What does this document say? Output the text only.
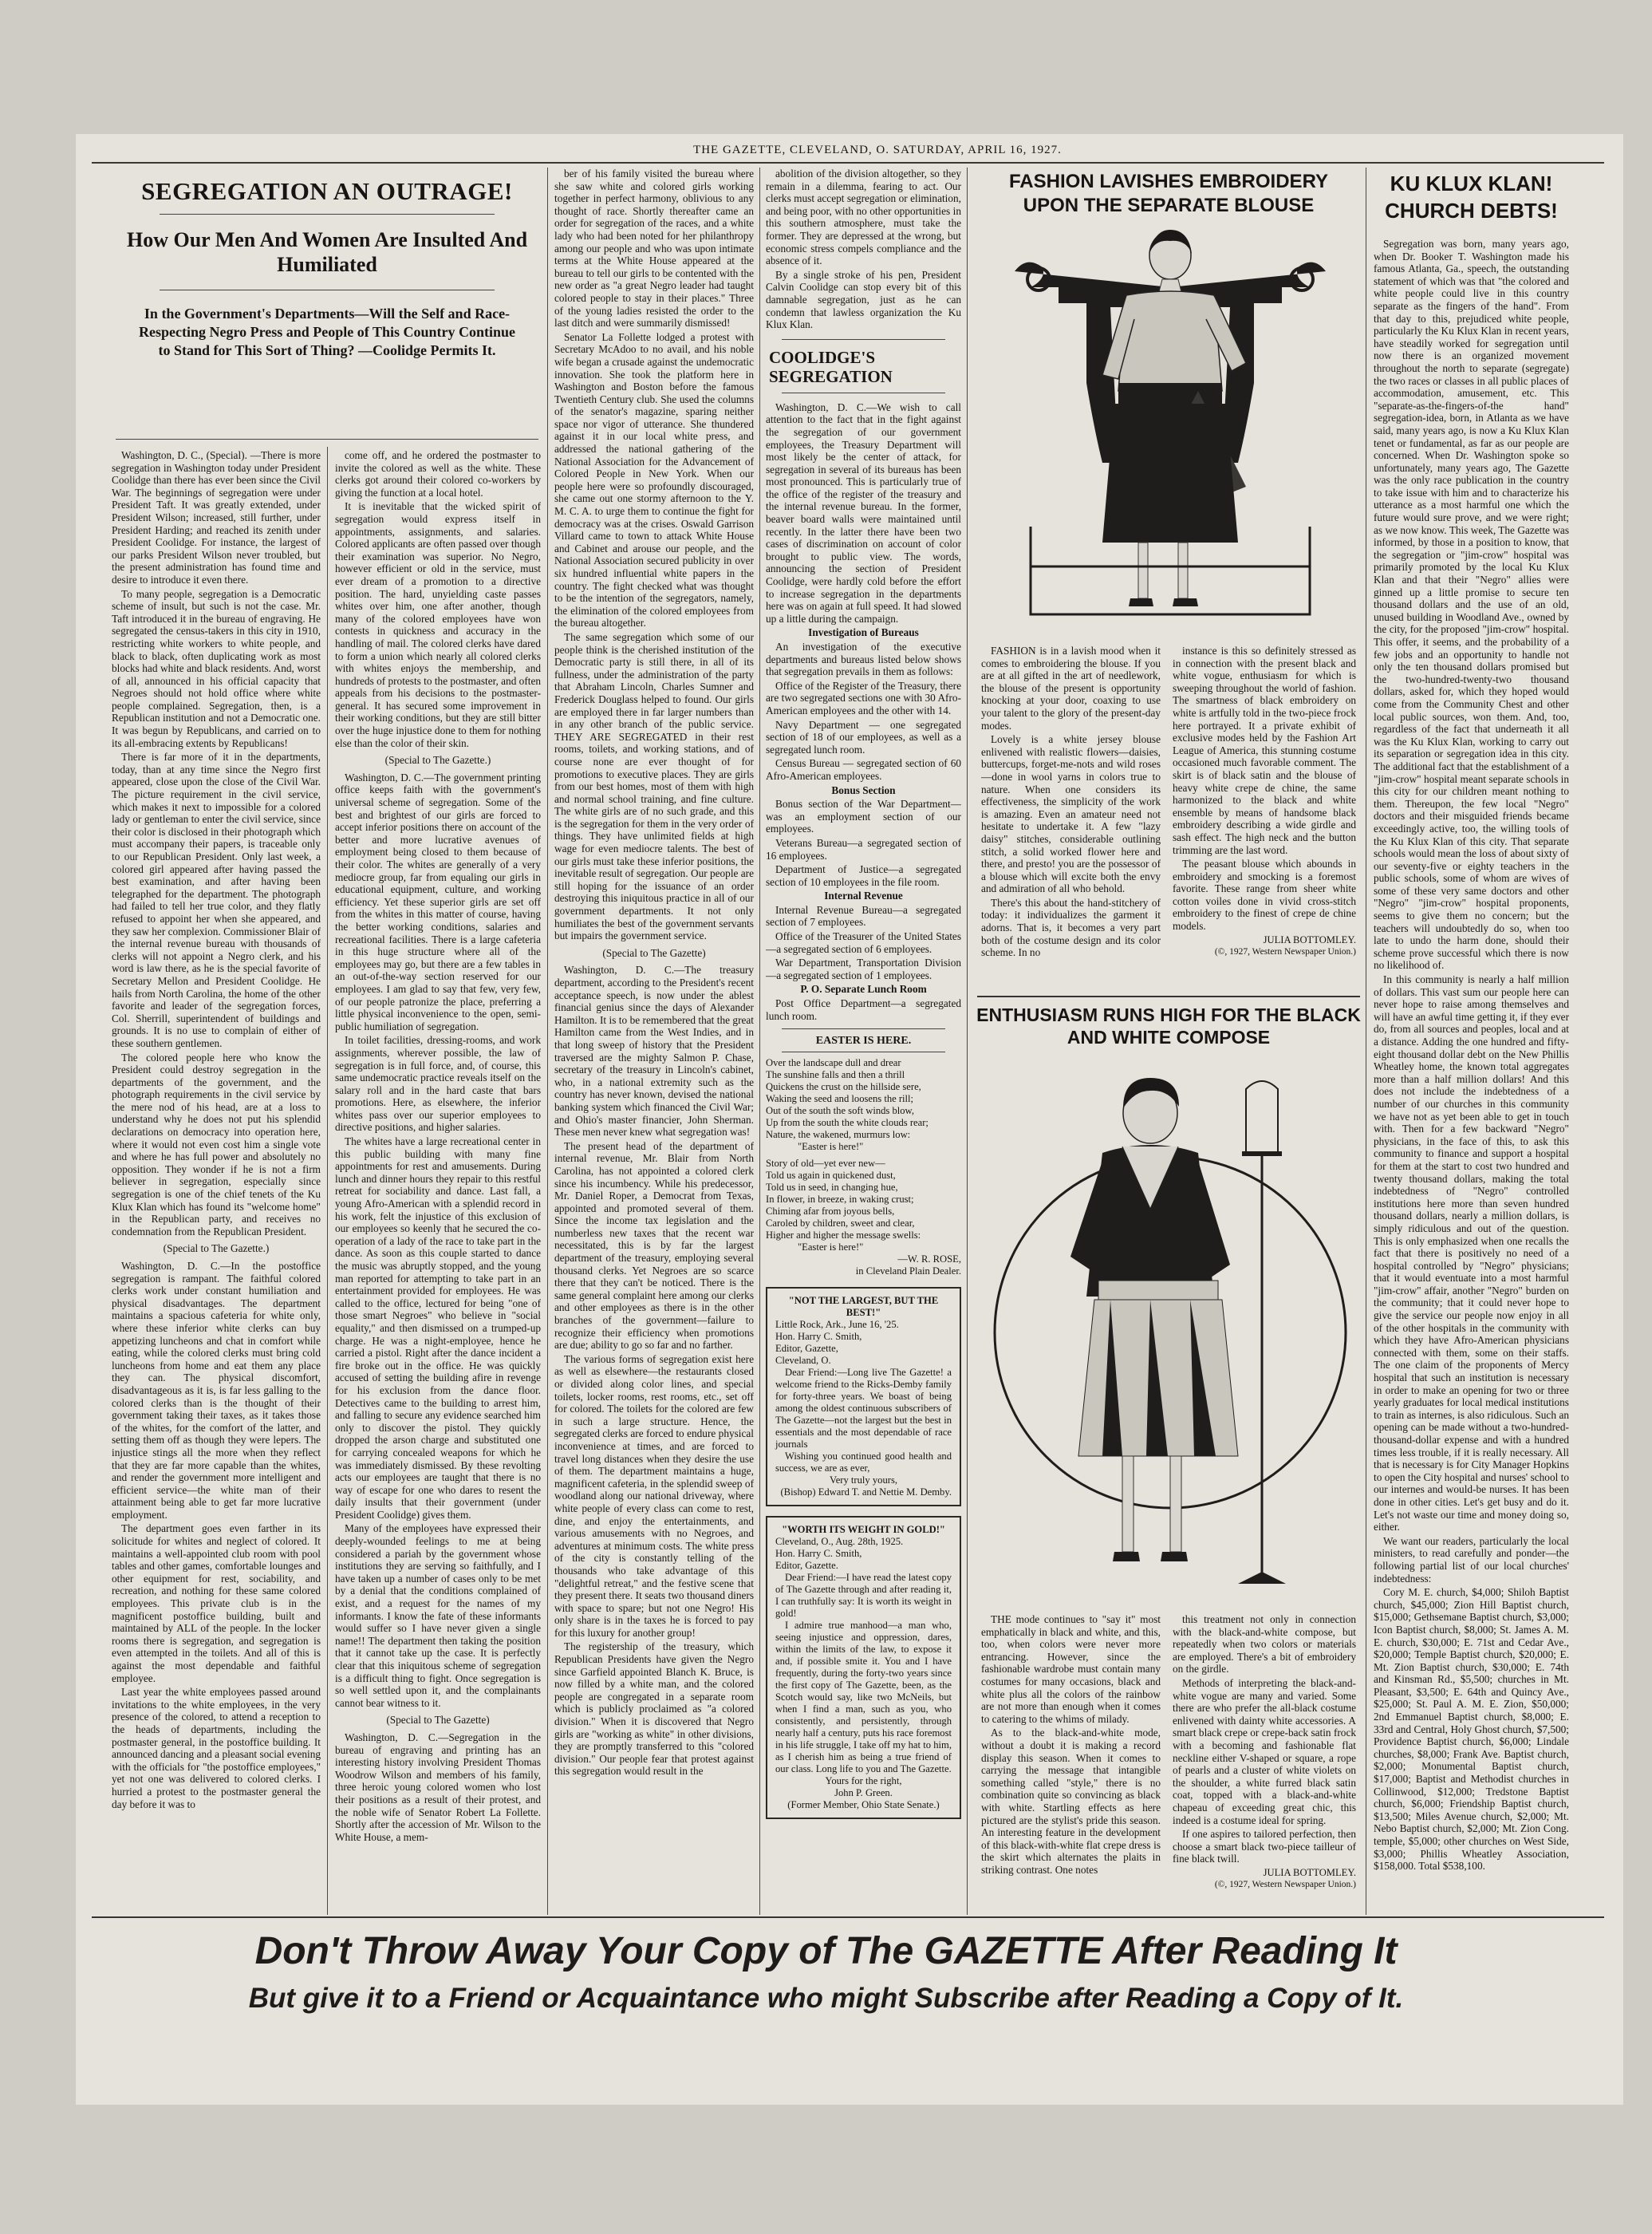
THE GAZETTE, CLEVELAND, O. SATURDAY, APRIL 16, 1927.
SEGREGATION AN OUTRAGE!
How Our Men And Women Are Insulted And Humiliated
In the Government's Departments—Will the Self and Race-Respecting Negro Press and People of This Country Continue to Stand for This Sort of Thing? —Coolidge Permits It.

Washington, D. C., (Special). —There is more segregation in Washington today under President Coolidge than there has ever been since the Civil War. The beginnings of segregation were under President Taft. It was greatly extended, under President Wilson; increased, still further, under President Harding; and reached its zenith under President Coolidge. For instance, the largest of our parks President Wilson never troubled, but the present administration has found time and desire to introduce it even there.

To many people, segregation is a Democratic scheme of insult, but such is not the case. Mr. Taft introduced it in the bureau of engraving. He segregated the census-takers in this city in 1910, restricting white workers to white people, and black to black, often duplicating work as most blocks had white and black residents. And, worst of all, announced in his official capacity that Negroes should not hold office where white people complained. Segregation, then, is a Republican institution and not a Democratic one. It was begun by Republicans, and carried on to its all-embracing extents by Republicans!

There is far more of it in the departments, today, than at any time since the Negro first appeared, close upon the close of the Civil War. The picture requirement in the civil service, which makes it next to impossible for a colored lady or gentleman to enter the civil service, since their color is disclosed in their photograph which must accompany their papers, is traceable only to our Republican President. Only last week, a colored girl appeared after having passed the best examination, and after having been telegraphed for the department. The photograph had failed to tell her true color, and they flatly refused to appoint her when she appeared, and they saw her complexion. Commissioner Blair of the internal revenue bureau with thousands of clerks will not appoint a Negro clerk, and his word is law there, as he is the special favorite of Secretary Mellon and President Coolidge. He hails from North Carolina, the home of the other favorite and leader of the segregation forces, Col. Sherrill, superintendent of buildings and grounds. It is no use to complain of either of these southern gentlemen.

The colored people here who know the President could destroy segregation in the departments of the government, and the photograph requirements in the civil service by the mere nod of his head, are at a loss to understand why he does not put his splendid declarations on democracy into operation here, where it would not even cost him a single vote and where he has full power and absolutely no opposition. They wonder if he is not a firm believer in segregation, especially since segregation is one of the chief tenets of the Ku Klux Klan which has found its "welcome home" in the Republican party, and receives no condemnation from the Republican President.

(Special to The Gazette.)

Washington, D. C.—In the postoffice segregation is rampant. The faithful colored clerks work under constant humiliation and physical disadvantages. The department maintains a spacious cafeteria for white only, where these inferior white clerks can buy appetizing luncheons and chat in comfort while eating, while the colored clerks must bring cold luncheons from home and eat them any place they can. The physical discomfort, disadvantageous as it is, is far less galling to the colored clerks than is the thought of their government taking their taxes, as it takes those of the whites, for the comfort of the latter, and setting them off as though they were lepers. The injustice stings all the more when they reflect that they are far more capable than the whites, and render the government more intelligent and efficient service—the white man of their attainment being able to get far more lucrative employment.

The department goes even farther in its solicitude for whites and neglect of colored. It maintains a well-appointed club room with pool tables and other games, comfortable lounges and other equipment for rest, sociability, and recreation, and nothing for these same colored employees. This private club is in the magnificent postoffice building, built and maintained by ALL of the people. In the locker rooms there is segregation, and segregation is even attempted in the toilets. And all of this is against the most dependable and faithful employee.

Last year the white employees passed around invitations to the white employees, in the very presence of the colored, to attend a reception to the heads of departments, including the postmaster general, in the postoffice building. It announced dancing and a pleasant social evening with the officials for "the postoffice employees," yet not one was delivered to colored clerks. I hurried a protest to the postmaster general the day before it was to

come off, and he ordered the postmaster to invite the colored as well as the white. These clerks got around their colored co-workers by giving the function at a local hotel.

It is inevitable that the wicked spirit of segregation would express itself in appointments, assignments, and salaries. Colored applicants are often passed over though their examination was superior. No Negro, however efficient or old in the service, must ever dream of a promotion to a directive position. The hard, unyielding caste passes whites over him, one after another, though many of the colored employees have won contests in quickness and accuracy in the handling of mail. The colored clerks have dared to form a union which nearly all colored clerks with whites enjoys the membership, and hundreds of protests to the postmaster, and often appeals from his decisions to the postmaster-general. It has secured some improvement in their working conditions, but they are still bitter over the huge injustice done to them for nothing else than the color of their skin.

(Special to The Gazette.)

Washington, D. C.—The government printing office keeps faith with the government's universal scheme of segregation. Some of the best and brightest of our girls are forced to accept inferior positions there on account of the better and more lucrative avenues of employment being closed to them because of their color. The whites are generally of a very mediocre group, far from equaling our girls in educational equipment, culture, and working efficiency. Yet these superior girls are set off from the whites in this matter of course, having the better working conditions, salaries and recreational facilities. There is a large cafeteria in this huge structure where all of the employees may go, but there are a few tables in an out-of-the-way section reserved for our employees. I am glad to say that few, very few, of our people patronize the place, preferring a little physical inconvenience to the open, semi-public humiliation of segregation.

In toilet facilities, dressing-rooms, and work assignments, wherever possible, the law of segregation is in full force, and, of course, this same undemocratic practice reveals itself on the salary roll and in the hard caste that bars promotions. Here, as elsewhere, the inferior whites pass over our superior employees to directive positions, and higher salaries.

The whites have a large recreational center in this public building with many fine appointments for rest and amusements. During lunch and dinner hours they repair to this restful retreat for sociability and dance. Last fall, a young Afro-American with a splendid record in his work, felt the injustice of this exclusion of our employees so keenly that he secured the co-operation of a lady of the race to take part in the dance. As soon as this couple started to dance the music was abruptly stopped, and the young man reported for attempting to take part in an entertainment provided for employees. He was called to the office, lectured for being "one of those smart Negroes" who believe in "social equality," and then dismissed on a trumped-up charge. He was a night-employee, hence he carried a pistol. Right after the dance incident a fire broke out in the office. He was quickly accused of setting the building afire in revenge for his exclusion from the dance floor. Detectives came to the building to arrest him, and falling to secure any evidence searched him only to discover the pistol. They quickly dropped the arson charge and substituted one for carrying concealed weapons for which he was immediately dismissed. By these revolting acts our employees are taught that there is no way of escape for one who dares to resent the daily insults that their government (under President Coolidge) gives them.

Many of the employees have expressed their deeply-wounded feelings to me at being considered a pariah by the government whose institutions they are serving so faithfully, and I have taken up a number of cases only to be met by a denial that the conditions complained of exist, and a request for the names of my informants. I know the fate of these informants would suffer so I have never given a single name!! The department then taking the position that it cannot take up the case. It is perfectly clear that this iniquitous scheme of segregation is a difficult thing to fight. Once segregation is so well settled upon it, and the complainants cannot bear witness to it.

(Special to The Gazette)

Washington, D. C.—Segregation in the bureau of engraving and printing has an interesting history involving President Thomas Woodrow Wilson and members of his family, three heroic young colored women who lost their positions as a result of their protest, and the noble wife of Senator Robert La Follette. Shortly after the accession of Mr. Wilson to the White House, a mem-

ber of his family visited the bureau where she saw white and colored girls working together in perfect harmony, oblivious to any thought of race. Shortly thereafter came an order for segregation of the races, and a white lady who had been noted for her philanthropy among our people and who was upon intimate terms at the White House appeared at the bureau to tell our girls to be contented with the new order as "a great Negro leader had taught colored people to stay in their places." Three of the young ladies resisted the order to the last ditch and were summarily dismissed!

Senator La Follette lodged a protest with Secretary McAdoo to no avail, and his noble wife began a crusade against the undemocratic innovation. She took the platform here in Washington and Boston before the famous Twentieth Century club. She used the columns of the senator's magazine, sparing neither space nor vigor of utterance. She thundered against it in our local white press, and addressed the national gathering of the National Association for the Advancement of Colored People in New York. When our people here were so profoundly discouraged, she came out one stormy afternoon to the Y. M. C. A. to urge them to continue the fight for democracy was at the crises. Oswald Garrison Villard came to town to attack White House and Cabinet and arouse our people, and the National Association secured publicity in over six hundred influential white papers in the country. The fight checked what was thought to be the intention of the segregators, namely, the elimination of the colored employees from the bureau altogether.

The same segregation which some of our people think is the cherished institution of the Democratic party is still there, in all of its fullness, under the administration of the party that Abraham Lincoln, Charles Sumner and Frederick Douglass helped to found. Our girls are employed there in far larger numbers than in any other branch of the public service. THEY ARE SEGREGATED in their rest rooms, toilets, and working stations, and of course none are ever thought of for promotions to executive places. They are girls from our best homes, most of them with high and normal school training, and fine culture. The white girls are of no such grade, and this is the segregation for them in the very order of things. They have unlimited fields at high wage for even mediocre talents. The best of our girls must take these inferior positions, the inevitable result of segregation. Our people are still hoping for the issuance of an order destroying this iniquitous practice in all of our government departments. It not only humiliates the best of the government servants but impairs the government service.

(Special to The Gazette)

Washington, D. C.—The treasury department, according to the President's recent acceptance speech, is now under the ablest financial genius since the days of Alexander Hamilton. It is to be remembered that the great Hamilton came from the West Indies, and in that long sweep of history that the President traversed are the mighty Salmon P. Chase, secretary of the treasury in Lincoln's cabinet, who, in a national extremity such as the country has never known, devised the national banking system which financed the Civil War; and Ohio's master financier, John Sherman. These men never knew what segregation was!

The present head of the department of internal revenue, Mr. Blair from North Carolina, has not appointed a colored clerk since his incumbency. While his predecessor, Mr. Daniel Roper, a Democrat from Texas, appointed and promoted several of them. Since the income tax legislation and the numberless new taxes that the recent war necessitated, this is by far the largest department of the treasury, employing several thousand clerks. Yet Negroes are so scarce there that they can't be noticed. There is the same general complaint here among our clerks and other employees as there is in the other branches of the government—failure to recognize their efficiency when promotions are due; ability to go so far and no farther.

The various forms of segregation exist here as well as elsewhere—the restaurants closed or divided along color lines, and special toilets, locker rooms, rest rooms, etc., set off for colored. The toilets for the colored are few in such a large structure. Hence, the segregated clerks are forced to endure physical inconvenience at times, and are forced to travel long distances when they desire the use of them. The department maintains a huge, magnificent cafeteria, in the splendid sweep of woodland along our national driveway, where white people of every class can come to rest, dine, and enjoy the entertainments, and various amusements with no Negroes, and adventures at minimum costs. The white press of the city is constantly telling of the thousands who take advantage of this "delightful retreat," and the festive scene that they present there. It seats two thousand diners with space to spare; but not one Negro! His only share is in the taxes he is forced to pay for this luxury for another group!

The registership of the treasury, which Republican Presidents have given the Negro since Garfield appointed Blanch K. Bruce, is now filled by a white man, and the colored people are congregated in a separate room which is publicly proclaimed as "a colored division." When it is discovered that Negro girls are "working as white" in other divisions, they are promptly transferred to this "colored division." Our people fear that protest against this segregation would result in the

abolition of the division altogether, so they remain in a dilemma, fearing to act. Our clerks must accept segregation or elimination, and being poor, with no other opportunities in this southern atmosphere, must take the former. They are depressed at the wrong, but economic stress compels compliance and the absence of it.

By a single stroke of his pen, President Calvin Coolidge can stop every bit of this damnable segregation, just as he can condemn that lawless organization the Ku Klux Klan.

COOLIDGE'S SEGREGATION

Washington, D. C.—We wish to call attention to the fact that in the fight against the segregation of our government employees, the Treasury Department will most likely be the center of attack, for segregation in several of its bureaus has been most pronounced. This is particularly true of the office of the register of the treasury and the internal revenue bureau. In the former, beaver board walls were maintained until recently. In the latter there have been two cases of discrimination on account of color brought to public view. The words, announcing the section of President Coolidge, were hardly cold before the effort to increase segregation in the departments here was on again at full speed. It had slowed up a little during the campaign.

Investigation of Bureaus

An investigation of the executive departments and bureaus listed below shows that segregation prevails in them as follows:

Office of the Register of the Treasury, there are two segregated sections one with 30 Afro-American employees and the other with 14.

Navy Department — one segregated section of 18 of our employees, as well as a segregated lunch room.

Census Bureau — segregated section of 60 Afro-American employees.

Bonus Section

Bonus section of the War Department—was an employment section of our employees.

Veterans Bureau—a segregated section of 16 employees.

Department of Justice—a segregated section of 10 employees in the file room.

Internal Revenue

Internal Revenue Bureau—a segregated section of 7 employees.

Office of the Treasurer of the United States—a segregated section of 6 employees.

War Department, Transportation Division—a segregated section of 1 employees.

P. O. Separate Lunch Room

Post Office Department—a segregated lunch room.

EASTER IS HERE.
Over the landscape dull and drear
The sunshine falls and then a thrill
Quickens the crust on the hillside sere,
Waking the seed and loosens the rill;
Out of the south the soft winds blow,
Up from the south the white clouds rear;
Nature, the wakened, murmurs low:
"Easter is here!"
Story of old—yet ever new—
Told us again in quickened dust,
Told us in seed, in changing hue,
In flower, in breeze, in waking crust;
Chiming afar from joyous bells,
Caroled by children, sweet and clear,
Higher and higher the message swells:
"Easter is here!"
—W. R. ROSE,
in Cleveland Plain Dealer.
"NOT THE LARGEST, BUT THE BEST!"
Little Rock, Ark., June 16, '25.
Hon. Harry C. Smith,
Editor, Gazette,
Cleveland, O.
Dear Friend:—Long live The Gazette! a welcome friend to the Ricks-Demby family for forty-three years. We boast of being among the oldest continuous subscribers of The Gazette—not the largest but the best in essentials and the most dependable of race journals
Wishing you continued good health and success, we are as ever,
Very truly yours,
(Bishop) Edward T. and Nettie M. Demby.
"WORTH ITS WEIGHT IN GOLD!"
Cleveland, O., Aug. 28th, 1925.
Hon. Harry C. Smith,
Editor, Gazette.
Dear Friend:—I have read the latest copy of The Gazette through and after reading it, I can truthfully say: It is worth its weight in gold!
I admire true manhood—a man who, seeing injustice and oppression, dares, within the limits of the law, to expose it and, if possible smite it. You and I have frequently, during the forty-two years since the first copy of The Gazette, been, as the Scotch would say, like two McNeils, but when I find a man, such as you, who consistently, and persistently, through nearly half a century, puts his race foremost in his life struggle, I take off my hat to him, as I cherish him as being a true friend of our class. Long life to you and The Gazette.
Yours for the right,
John P. Green.
(Former Member, Ohio State Senate.)
FASHION LAVISHES EMBROIDERY UPON THE SEPARATE BLOUSE

FASHION is in a lavish mood when it comes to embroidering the blouse. If you are at all gifted in the art of needlework, the blouse of the present is opportunity knocking at your door, coaxing to use your talent to the glory of the present-day modes.

Lovely is a white jersey blouse enlivened with realistic flowers—daisies, buttercups, forget-me-nots and wild roses—done in wool yarns in colors true to nature. When one considers its effectiveness, the simplicity of the work is amazing. Even an amateur need not hesitate to undertake it. A few "lazy daisy" stitches, considerable outlining stitch, a solid worked flower here and there, and presto! you are the possessor of a blouse which will excite both the envy and admiration of all who behold.

There's this about the hand-stitchery of today: it individualizes the garment it adorns. That is, it becomes a very part both of the costume design and its color scheme. In no

instance is this so definitely stressed as in connection with the present black and white vogue, enthusiasm for which is sweeping throughout the world of fashion. The smartness of black embroidery on white is artfully told in the two-piece frock here portrayed. It a private exhibit of exclusive modes held by the Fashion Art League of America, this stunning costume occasioned much favorable comment. The skirt is of black satin and the blouse of heavy white crepe de chine, the same harmonized to the black and white ensemble by means of handsome black embroidery describing a wide girdle and sash effect. The high neck and the button trimming are the last word.

The peasant blouse which abounds in embroidery and smocking is a foremost favorite. These range from sheer white cotton voiles done in vivid cross-stitch embroidery to the finest of crepe de chine models.

JULIA BOTTOMLEY.
(©, 1927, Western Newspaper Union.)
ENTHUSIASM RUNS HIGH FOR THE BLACK AND WHITE COMPOSE

THE mode continues to "say it" most emphatically in black and white, and this, too, when colors were never more entrancing. However, since the fashionable wardrobe must contain many costumes for many occasions, black and white plus all the colors of the rainbow are not more than enough when it comes to catering to the whims of milady.

As to the black-and-white mode, without a doubt it is making a record display this season. When it comes to carrying the message that intangible something called "style," there is no combination quite so convincing as black with white. Startling effects as here pictured are the stylist's pride this season. An interesting feature in the development of this black-with-white flat crepe dress is the skirt which alternates the plaits in striking contrast. One notes

this treatment not only in connection with the black-and-white compose, but repeatedly when two colors or materials are employed. There's a bit of embroidery on the girdle.

Methods of interpreting the black-and-white vogue are many and varied. Some there are who prefer the all-black costume enlivened with dainty white accessories. A smart black crepe or crepe-back satin frock with a becoming and fashionable flat neckline either V-shaped or square, a rope of pearls and a cluster of white violets on the shoulder, a white furred black satin coat, topped with a black-and-white chapeau of exceeding great chic, this indeed is a costume ideal for spring.

If one aspires to tailored perfection, then choose a smart black two-piece tailleur of fine black twill.

JULIA BOTTOMLEY.
(©, 1927, Western Newspaper Union.)
KU KLUX KLAN!
CHURCH DEBTS!

Segregation was born, many years ago, when Dr. Booker T. Washington made his famous Atlanta, Ga., speech, the outstanding statement of which was that "the colored and white people could live in this country separate as the fingers of the hand". From that day to this, prejudiced white people, particularly the Ku Klux Klan in recent years, have steadily worked for segregation until now there is an organized movement throughout the north to separate (segregate) the two races or classes in all public places of accommodation, amusement, etc. This "separate-as-the-fingers-of-the hand" segregation-idea, born, in Atlanta as we have said, many years ago, is now a Ku Klux Klan tenet or fundamental, as far as our people are concerned. When Dr. Washington spoke so unfortunately, many years ago, The Gazette was the only race publication in the country to take issue with him and to characterize his utterance as a most harmful one which the future would sure prove, and we were right; as we now know. This week, The Gazette was informed, by those in a position to know, that the segregation or "jim-crow" hospital was primarily promoted by the local Ku Klux Klan and that their "Negro" allies were ginned up a little promise to secure ten thousand dollars and the use of an old, unused building in Woodland Ave., owned by the city, for the proposed "jim-crow" hospital. This offer, it seems, and the probability of a few jobs and an opportunity to handle not only the ten thousand dollars promised but the two-hundred-twenty-two thousand dollars, asked for, which they hoped would come from the Community Chest and other local public sources, won them. And, too, regardless of the fact that underneath it all was the Ku Klux Klan, working to carry out its separation or segregation idea in this city. The additional fact that the establishment of a "jim-crow" hospital meant separate schools in this city for our children meant nothing to them. Thereupon, the few local "Negro" doctors and their misguided friends became exceedingly active, too, the willing tools of the Ku Klux Klan of this city. That separate schools would mean the loss of about sixty of our seventy-five or eighty teachers in the public schools, some of whom are wives of some of these very same doctors and other "Negro" "jim-crow" hospital proponents, seems to give them no concern; but the teachers will undoubtedly do so, when too late to undo the harm done, should their scheme prove successful which there is now no likelihood of.

In this community is nearly a half million of dollars. This vast sum our people here can never hope to raise among themselves and will have an awful time getting it, if they ever do, from all sources and peoples, local and at a distance. Adding the one hundred and fifty-eight thousand dollar debt on the New Phillis Wheatley home, the known total aggregates more than a half million dollars! And this does not include the indebtedness of a number of our churches in this community we have not as yet been able to get in touch with. Then for a few backward "Negro" physicians, in the face of this, to ask this community to finance and support a hospital for them at the start to cost two hundred and twenty thousand dollars, making the total indebtedness of "Negro" controlled institutions here more than seven hundred thousand dollars, nearly a million dollars, is simply ridiculous and out of the question. This is only emphasized when one recalls the fact that there is positively no need of a hospital controlled by "Negro" physicians; that it would eventuate into a most harmful "jim-crow" affair, another "Negro" burden on the community; that it could never hope to give the service our people now enjoy in all of the other hospitals in the community with which they have Afro-American physicians connected with them, some on their staffs. The one claim of the proponents of Mercy hospital that such an institution is necessary in order to make an opening for two or three yearly graduates for local medical institutions to train as internes, is also ridiculous. Such an opening can be made without a two-hundred-thousand-dollar expense and with a hundred times less trouble, if it is really necessary. All that is necessary is for City Manager Hopkins to open the City hospital and nurses' school to our internes and would-be nurses. It has been done in other cities. Let's get busy and do it. Let's not waste our time and money doing so, either.

We want our readers, particularly the local ministers, to read carefully and ponder—the following partial list of our local churches' indebtedness:

Cory M. E. church, $4,000; Shiloh Baptist church, $45,000; Zion Hill Baptist church, $15,000; Gethsemane Baptist church, $3,000; Icon Baptist church, $8,000; St. James A. M. E. church, $30,000; E. 71st and Cedar Ave., $20,000; Temple Baptist church, $20,000; E. Mt. Zion Baptist church, $30,000; E. 74th and Kinsman Rd., $5,500; churches in Mt. Pleasant, $3,500; E. 64th and Quincy Ave., $25,000; St. Paul A. M. E. Zion, $50,000; 2nd Emmanuel Baptist church, $8,000; E. 33rd and Central, Holy Ghost church, $7,500; Providence Baptist church, $6,000; Lindale churches, $8,000; Frank Ave. Baptist church, $2,000; Monumental Baptist church, $17,000; Baptist and Methodist churches in Collinwood, $12,000; Tredstone Baptist church, $6,000; Friendship Baptist church, $13,500; Miles Avenue church, $2,000; Mt. Nebo Baptist church, $2,000; Mt. Zion Cong. temple, $5,000; other churches on West Side, $3,000; Phillis Wheatley Association, $158,000. Total $538,100.

Don't Throw Away Your Copy of The GAZETTE After Reading It
But give it to a Friend or Acquaintance who might Subscribe after Reading a Copy of It.
